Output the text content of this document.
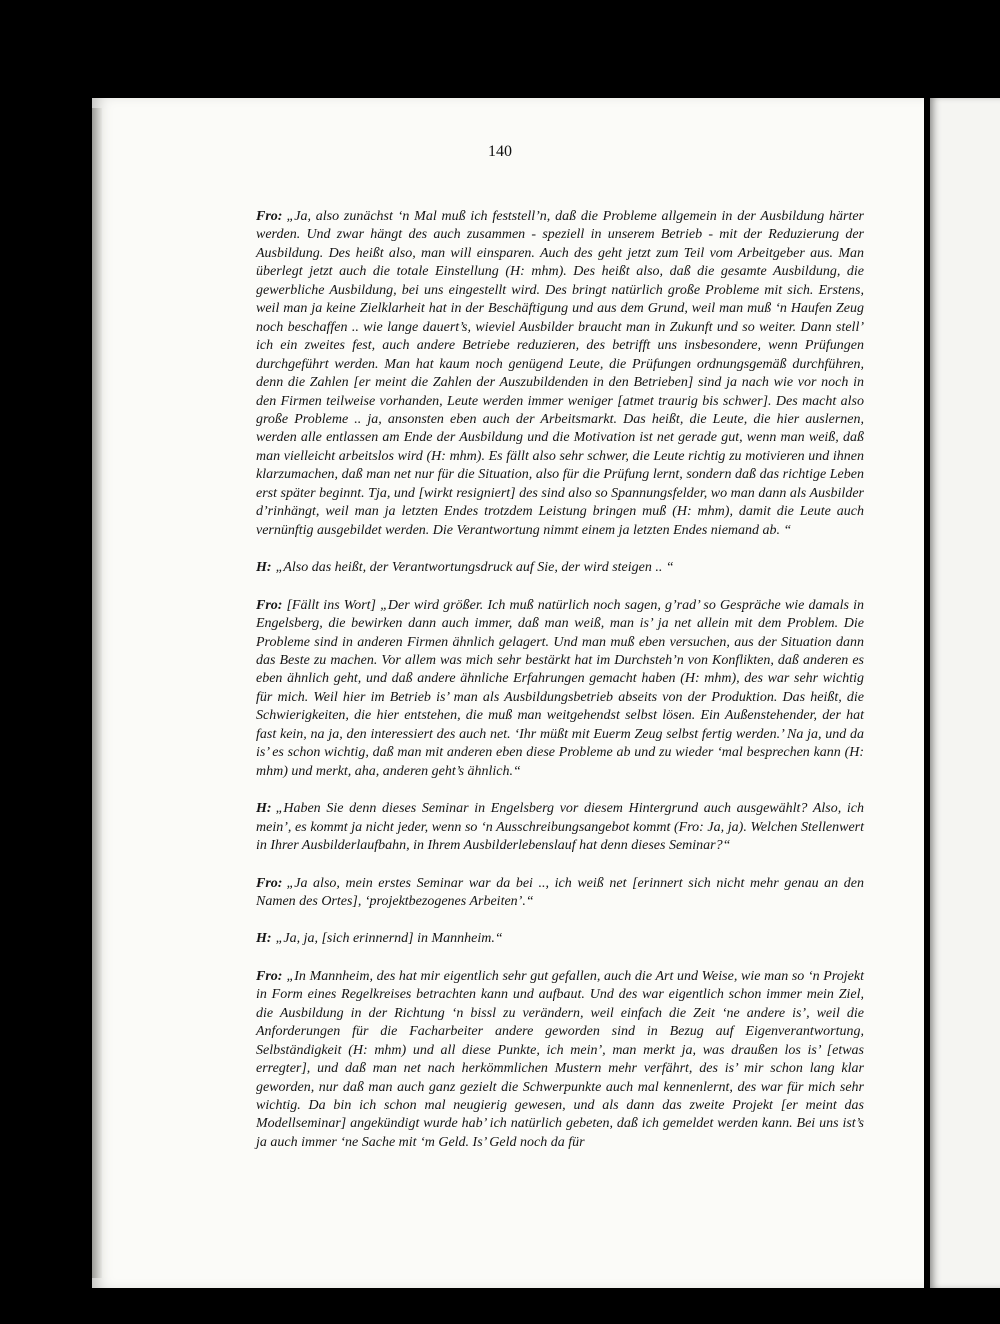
140

Fro: „Ja, also zunächst ‘n Mal muß ich feststell’n, daß die Probleme allgemein in der Ausbildung härter werden. Und zwar hängt des auch zusammen - speziell in unserem Betrieb - mit der Reduzierung der Ausbildung. Des heißt also, man will einsparen. Auch des geht jetzt zum Teil vom Arbeitgeber aus. Man überlegt jetzt auch die totale Einstellung (H: mhm). Des heißt also, daß die gesamte Ausbildung, die gewerbliche Ausbildung, bei uns eingestellt wird. Des bringt natürlich große Probleme mit sich. Erstens, weil man ja keine Zielklarheit hat in der Beschäftigung und aus dem Grund, weil man muß ‘n Haufen Zeug noch beschaffen .. wie lange dauert’s, wieviel Ausbilder braucht man in Zukunft und so weiter. Dann stell’ ich ein zweites fest, auch andere Betriebe reduzieren, des betrifft uns insbesondere, wenn Prüfungen durchgeführt werden. Man hat kaum noch genügend Leute, die Prüfungen ordnungsgemäß durchführen, denn die Zahlen [er meint die Zahlen der Auszubildenden in den Betrieben] sind ja nach wie vor noch in den Firmen teilweise vorhanden, Leute werden immer weniger [atmet traurig bis schwer]. Des macht also große Probleme .. ja, ansonsten eben auch der Arbeitsmarkt. Das heißt, die Leute, die hier auslernen, werden alle entlassen am Ende der Ausbildung und die Motivation ist net gerade gut, wenn man weiß, daß man vielleicht arbeitslos wird (H: mhm). Es fällt also sehr schwer, die Leute richtig zu motivieren und ihnen klarzumachen, daß man net nur für die Situation, also für die Prüfung lernt, sondern daß das richtige Leben erst später beginnt. Tja, und [wirkt resigniert] des sind also so Spannungsfelder, wo man dann als Ausbilder d’rinhängt, weil man ja letzten Endes trotzdem Leistung bringen muß (H: mhm), damit die Leute auch vernünftig ausgebildet werden. Die Verantwortung nimmt einem ja letzten Endes niemand ab. “

H: „Also das heißt, der Verantwortungsdruck auf Sie, der wird steigen .. “

Fro: [Fällt ins Wort] „Der wird größer. Ich muß natürlich noch sagen, g’rad’ so Gespräche wie damals in Engelsberg, die bewirken dann auch immer, daß man weiß, man is’ ja net allein mit dem Problem. Die Probleme sind in anderen Firmen ähnlich gelagert. Und man muß eben versuchen, aus der Situation dann das Beste zu machen. Vor allem was mich sehr bestärkt hat im Durchsteh’n von Konflikten, daß anderen es eben ähnlich geht, und daß andere ähnliche Erfahrungen gemacht haben (H: mhm), des war sehr wichtig für mich. Weil hier im Betrieb is’ man als Ausbildungsbetrieb abseits von der Produktion. Das heißt, die Schwierigkeiten, die hier entstehen, die muß man weitgehendst selbst lösen. Ein Außenstehender, der hat fast kein, na ja, den interessiert des auch net. ‘Ihr müßt mit Euerm Zeug selbst fertig werden.’ Na ja, und da is’ es schon wichtig, daß man mit anderen eben diese Probleme ab und zu wieder ‘mal besprechen kann (H: mhm) und merkt, aha, anderen geht’s ähnlich.“

H: „Haben Sie denn dieses Seminar in Engelsberg vor diesem Hintergrund auch ausgewählt? Also, ich mein’, es kommt ja nicht jeder, wenn so ‘n Ausschreibungsangebot kommt (Fro: Ja, ja). Welchen Stellenwert in Ihrer Ausbilderlaufbahn, in Ihrem Ausbilderlebenslauf hat denn dieses Seminar?“

Fro: „Ja also, mein erstes Seminar war da bei .., ich weiß net [erinnert sich nicht mehr genau an den Namen des Ortes], ‘projektbezogenes Arbeiten’.“

H: „Ja, ja, [sich erinnernd] in Mannheim.“

Fro: „In Mannheim, des hat mir eigentlich sehr gut gefallen, auch die Art und Weise, wie man so ‘n Projekt in Form eines Regelkreises betrachten kann und aufbaut. Und des war eigentlich schon immer mein Ziel, die Ausbildung in der Richtung ‘n bissl zu verändern, weil einfach die Zeit ‘ne andere is’, weil die Anforderungen für die Facharbeiter andere geworden sind in Bezug auf Eigenverantwortung, Selbständigkeit (H: mhm) und all diese Punkte, ich mein’, man merkt ja, was draußen los is’ [etwas erregter], und daß man net nach herkömmlichen Mustern mehr verfährt, des is’ mir schon lang klar geworden, nur daß man auch ganz gezielt die Schwerpunkte auch mal kennenlernt, des war für mich sehr wichtig. Da bin ich schon mal neugierig gewesen, und als dann das zweite Projekt [er meint das Modellseminar] angekündigt wurde hab’ ich natürlich gebeten, daß ich gemeldet werden kann. Bei uns ist’s ja auch immer ‘ne Sache mit ‘m Geld. Is’ Geld noch da für
